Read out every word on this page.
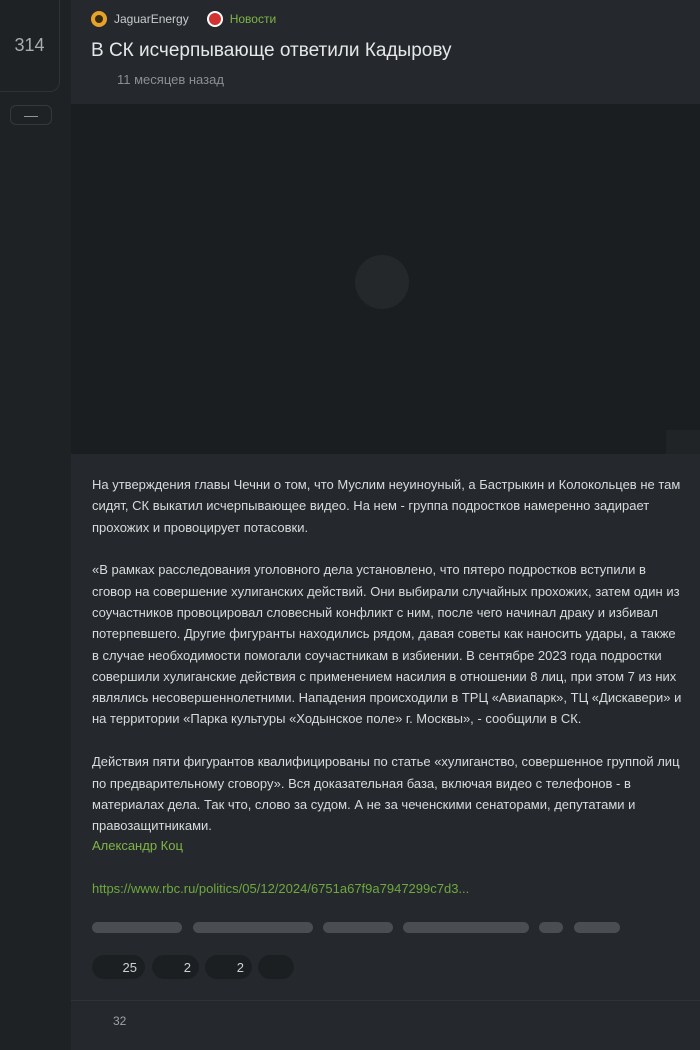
314
—
JaguarEnergy	Новости
В СК исчерпывающе ответили Кадырову
11 месяцев назад

На утверждения главы Чечни о том, что Муслим неуиноуный, а Бастрыкин и Колокольцев не там сидят, СК выкатил исчерпывающее видео. На нем - группа подростков намеренно задирает прохожих и провоцирует потасовки.

«В рамках расследования уголовного дела установлено, что пятеро подростков вступили в сговор на совершение хулиганских действий. Они выбирали случайных прохожих, затем один из соучастников провоцировал словесный конфликт с ним, после чего начинал драку и избивал потерпевшего. Другие фигуранты находились рядом, давая советы как наносить удары, а также в случае необходимости помогали соучастникам в избиении. В сентябре 2023 года подростки совершили хулиганские действия с применением насилия в отношении 8 лиц, при этом 7 из них являлись несовершеннолетними. Нападения происходили в ТРЦ «Авиапарк», ТЦ «Дискавери» и на территории «Парка культуры «Ходынское поле» г. Москвы», - сообщили в СК.

Действия пяти фигурантов квалифицированы по статье «хулиганство, совершенное группой лиц по предварительному сговору». Вся доказательная база, включая видео с телефонов - в материалах дела. Так что, слово за судом. А не за чеченскими сенаторами, депутатами и правозащитниками.

Александр Коц
https://www.rbc.ru/politics/05/12/2024/6751a67f9a7947299c7d3...
25	2	2
32
